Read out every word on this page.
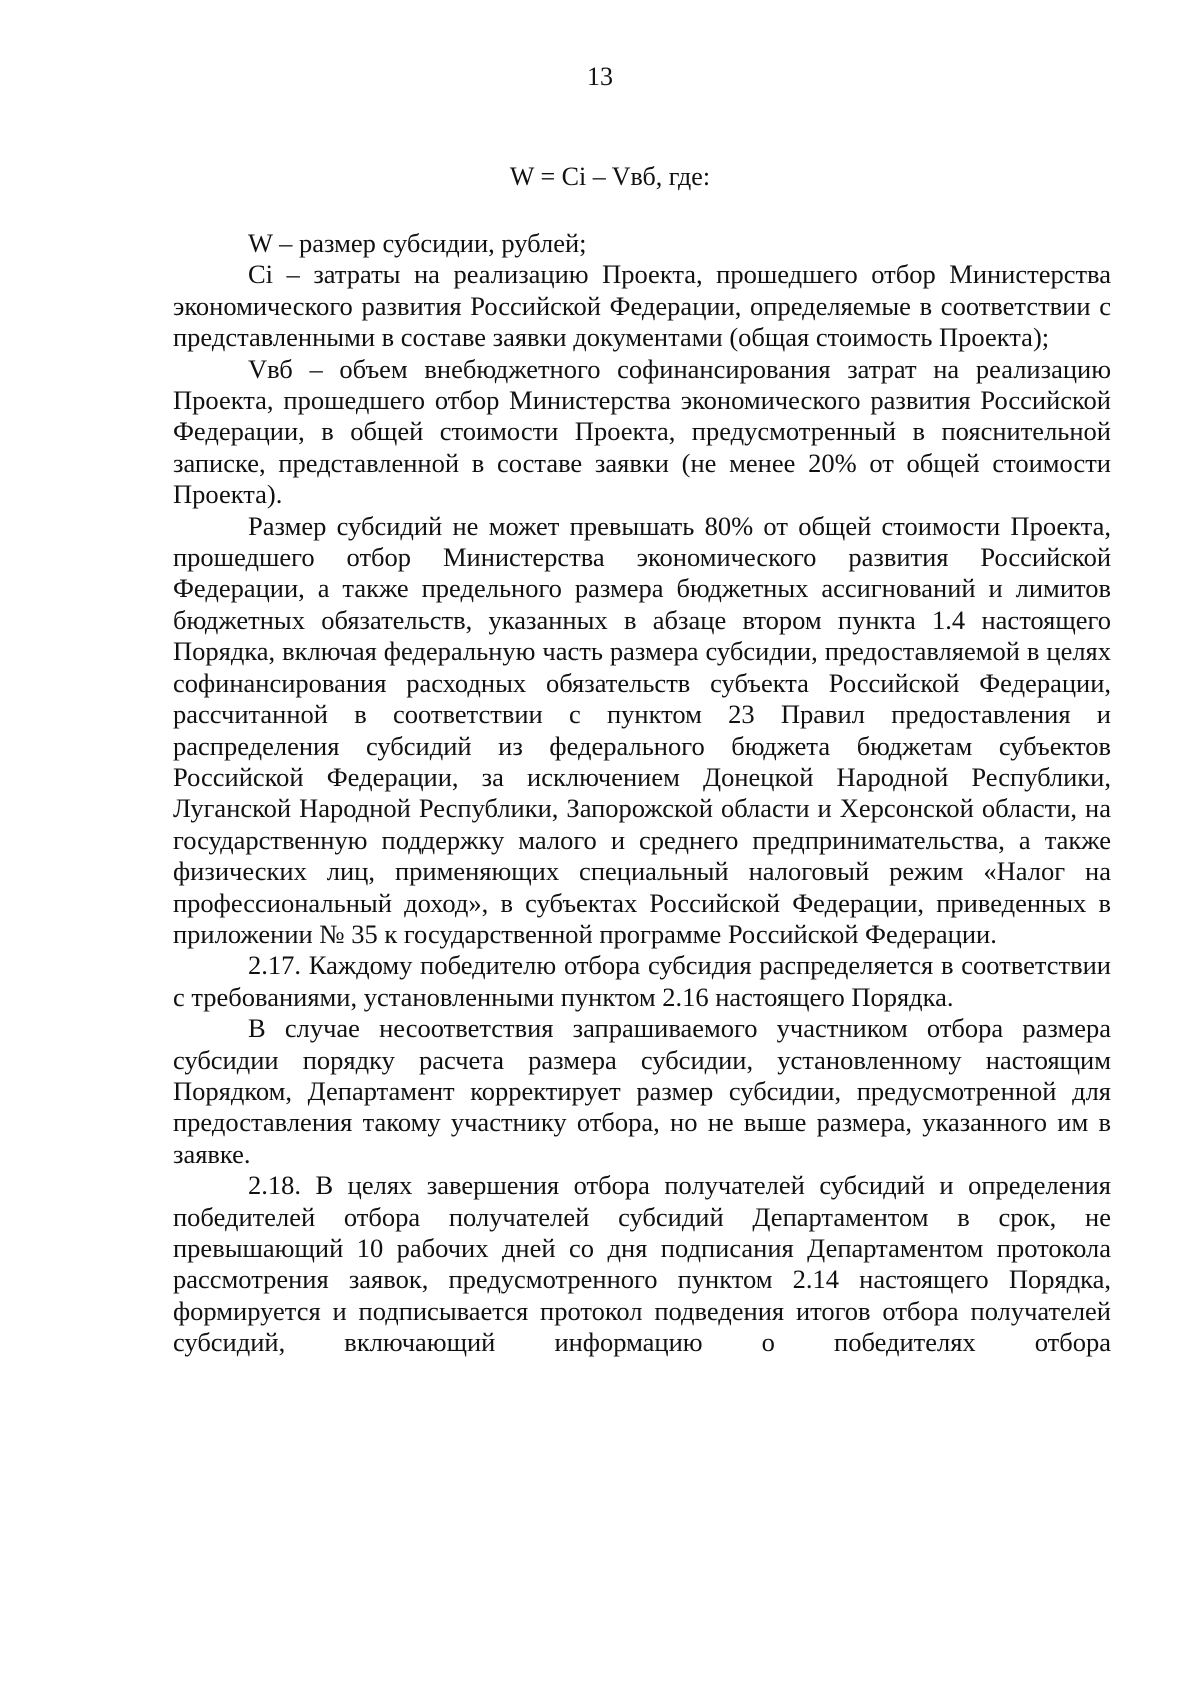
13
W = Ci – Vвб, где:

W – размер субсидии, рублей;

Ci – затраты на реализацию Проекта, прошедшего отбор Министерства экономического развития Российской Федерации, определяемые в соответствии с представленными в составе заявки документами (общая стоимость Проекта);

Vвб – объем внебюджетного софинансирования затрат на реализацию Проекта, прошедшего отбор Министерства экономического развития Российской Федерации, в общей стоимости Проекта, предусмотренный в пояснительной записке, представленной в составе заявки (не менее 20% от общей стоимости Проекта).

Размер субсидий не может превышать 80% от общей стоимости Проекта, прошедшего отбор Министерства экономического развития Российской Федерации, а также предельного размера бюджетных ассигнований и лимитов бюджетных обязательств, указанных в абзаце втором пункта 1.4 настоящего Порядка, включая федеральную часть размера субсидии, предоставляемой в целях софинансирования расходных обязательств субъекта Российской Федерации, рассчитанной в соответствии с пунктом 23 Правил предоставления и распределения субсидий из федерального бюджета бюджетам субъектов Российской Федерации, за исключением Донецкой Народной Республики, Луганской Народной Республики, Запорожской области и Херсонской области, на государственную поддержку малого и среднего предпринимательства, а также физических лиц, применяющих специальный налоговый режим «Налог на профессиональный доход», в субъектах Российской Федерации, приведенных в приложении № 35 к государственной программе Российской Федерации.

2.17. Каждому победителю отбора субсидия распределяется в соответствии с требованиями, установленными пунктом 2.16 настоящего Порядка.

В случае несоответствия запрашиваемого участником отбора размера субсидии порядку расчета размера субсидии, установленному настоящим Порядком, Департамент корректирует размер субсидии, предусмотренной для предоставления такому участнику отбора, но не выше размера, указанного им в заявке.

2.18. В целях завершения отбора получателей субсидий и определения победителей отбора получателей субсидий Департаментом в срок, не превышающий 10 рабочих дней со дня подписания Департаментом протокола рассмотрения заявок, предусмотренного пунктом 2.14 настоящего Порядка, формируется и подписывается протокол подведения итогов отбора получателей субсидий, включающий информацию о победителях отбора
